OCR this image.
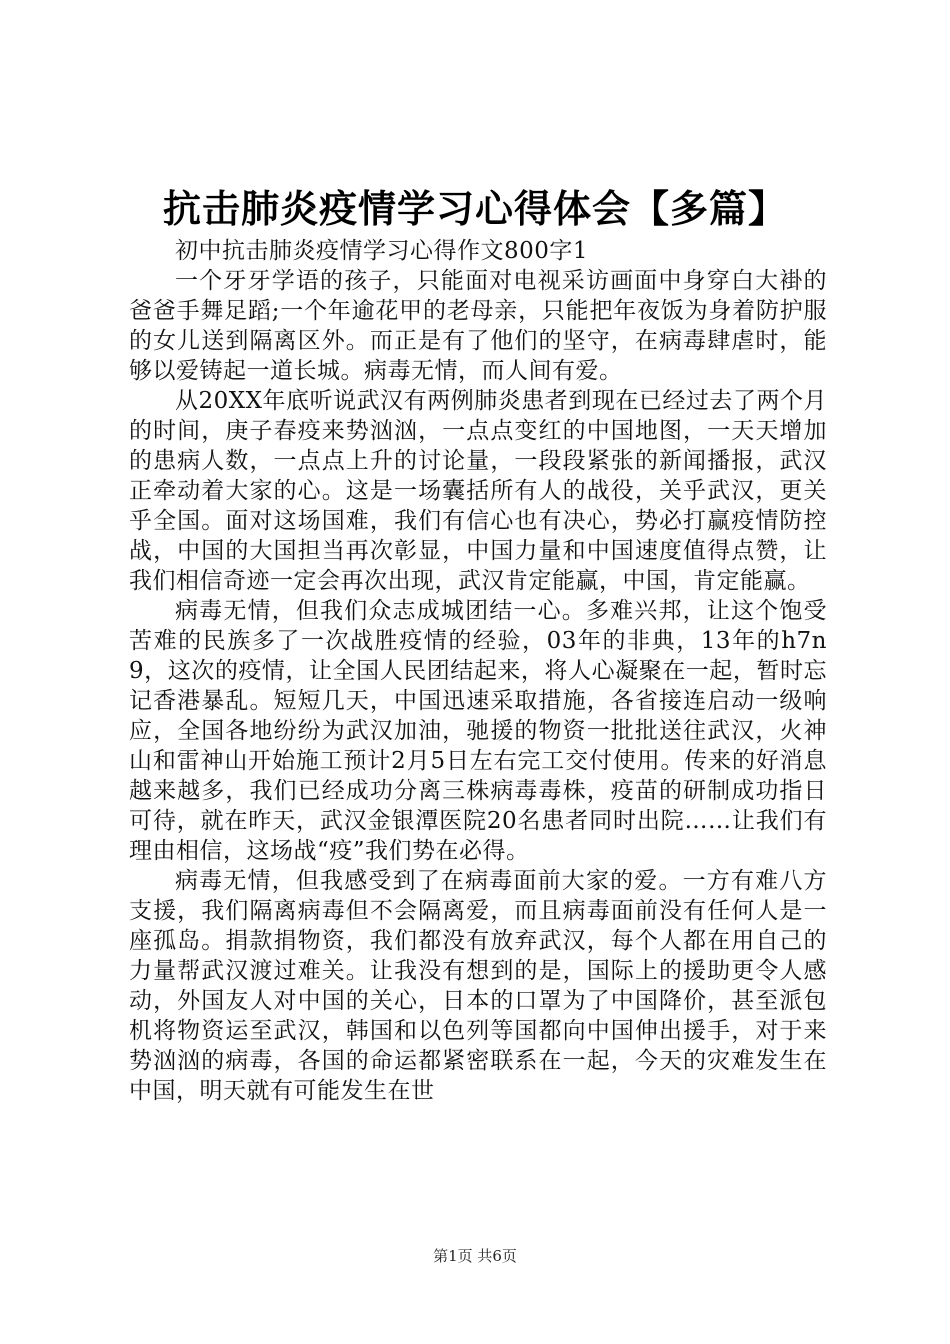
抗击肺炎疫情学习心得体会【多篇】

初中抗击肺炎疫情学习心得作文800字1

一个牙牙学语的孩子，只能面对电视采访画面中身穿白大褂的爸爸手舞足蹈;一个年逾花甲的老母亲，只能把年夜饭为身着防护服的女儿送到隔离区外。而正是有了他们的坚守，在病毒肆虐时，能够以爱铸起一道长城。病毒无情，而人间有爱。

从20XX年底听说武汉有两例肺炎患者到现在已经过去了两个月的时间，庚子春疫来势汹汹，一点点变红的中国地图，一天天增加的患病人数，一点点上升的讨论量，一段段紧张的新闻播报，武汉正牵动着大家的心。这是一场囊括所有人的战役，关乎武汉，更关乎全国。面对这场国难，我们有信心也有决心，势必打赢疫情防控战，中国的大国担当再次彰显，中国力量和中国速度值得点赞，让我们相信奇迹一定会再次出现，武汉肯定能赢，中国，肯定能赢。

病毒无情，但我们众志成城团结一心。多难兴邦，让这个饱受苦难的民族多了一次战胜疫情的经验，03年的非典，13年的h7n9，这次的疫情，让全国人民团结起来，将人心凝聚在一起，暂时忘记香港暴乱。短短几天，中国迅速采取措施，各省接连启动一级响应，全国各地纷纷为武汉加油，驰援的物资一批批送往武汉，火神山和雷神山开始施工预计2月5日左右完工交付使用。传来的好消息越来越多，我们已经成功分离三株病毒毒株，疫苗的研制成功指日可待，就在昨天，武汉金银潭医院20名患者同时出院……让我们有理由相信，这场战“疫”我们势在必得。

病毒无情，但我感受到了在病毒面前大家的爱。一方有难八方支援，我们隔离病毒但不会隔离爱，而且病毒面前没有任何人是一座孤岛。捐款捐物资，我们都没有放弃武汉，每个人都在用自己的力量帮武汉渡过难关。让我没有想到的是，国际上的援助更令人感动，外国友人对中国的关心，日本的口罩为了中国降价，甚至派包机将物资运至武汉，韩国和以色列等国都向中国伸出援手，对于来势汹汹的病毒，各国的命运都紧密联系在一起，今天的灾难发生在中国，明天就有可能发生在世

第1页 共6页
